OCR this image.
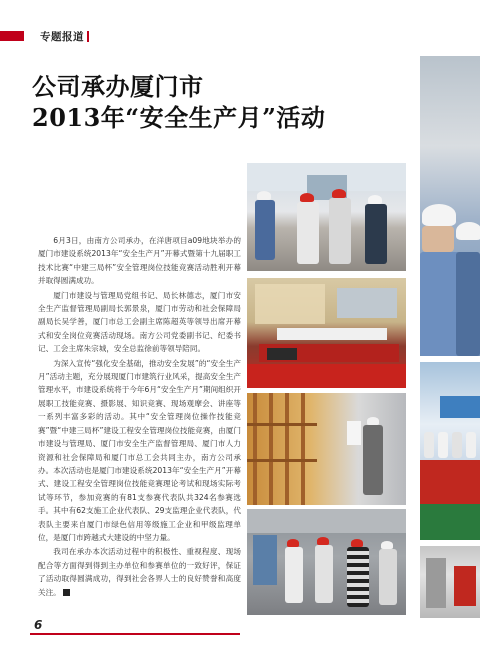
专题报道
公司承办厦门市
2013年“安全生产月”活动

6月3日，由南方公司承办，在洋唐项目a09地块举办的厦门市建设系统2013年“安全生产月”开幕式暨第十九届职工技术比赛“中建三局杯”安全管理岗位技能竞赛活动胜利开幕并取得圆满成功。

厦门市建设与管理局党组书记、局长林德志，厦门市安全生产监督管理局副局长郭景泉，厦门市劳动和社会保障局副局长吴学善，厦门市总工会副主席陈超英等领导出席开幕式和安全岗位竞赛活动现场。南方公司党委副书记、纪委书记、工会主席朱宗城，安全总监徐前等领导陪同。

为深入宣传“强化安全基础，推动安全发展”的“安全生产月”活动主题，充分展现厦门市建筑行业风采，提高安全生产管理水平，市建设系统将于今年6月“安全生产月”期间组织开展职工技能竞赛、摄影展、知识竞赛、现场观摩会、讲座等一系列丰富多彩的活动。其中“安全管理岗位操作技能竞赛”暨“中建三局杯”建设工程安全管理岗位技能竞赛，由厦门市建设与管理局、厦门市安全生产监督管理局、厦门市人力资源和社会保障局和厦门市总工会共同主办，南方公司承办。本次活动也是厦门市建设系统2013年“安全生产月”开幕式、建设工程安全管理岗位技能竞赛理论考试和现场实际考试等环节，参加竞赛的有81支参赛代表队共324名参赛选手。其中有62支施工企业代表队、29支监理企业代表队，代表队主要来自厦门市绿色信用等级施工企业和甲级监理单位，是厦门市跨越式大建设的中坚力量。

我司在承办本次活动过程中的积极性、重视程度、现场配合等方面得到得到主办单位和参赛单位的一致好评，保证了活动取得圆满成功，得到社会各界人士的良好赞誉和高度关注。

6
